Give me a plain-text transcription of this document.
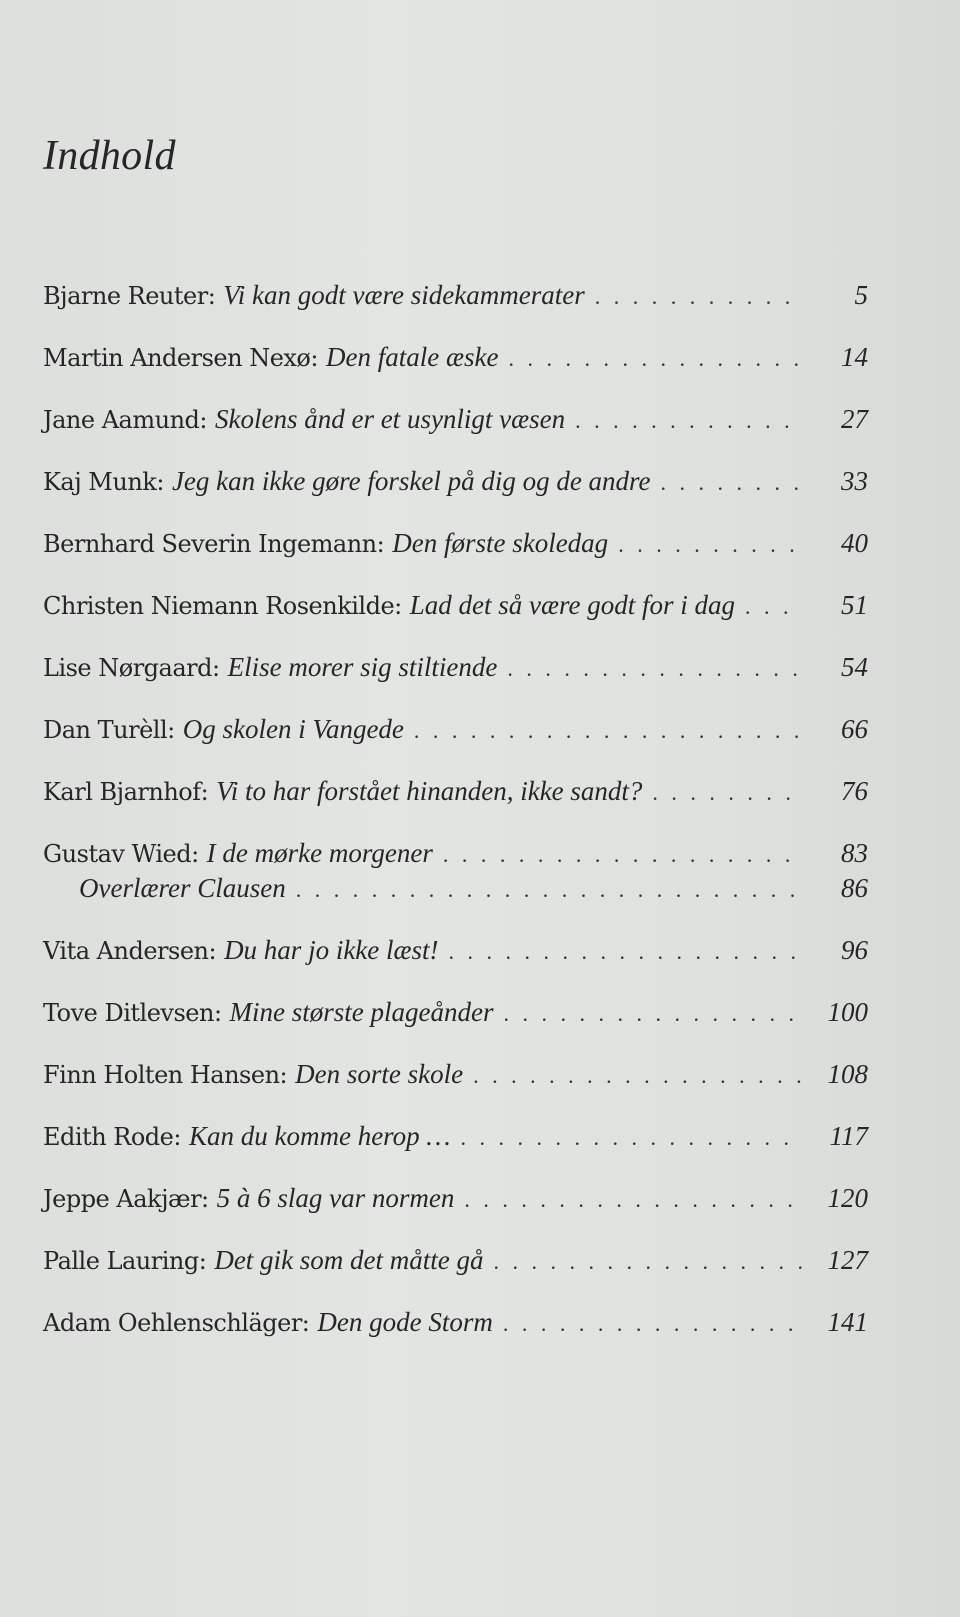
Indhold
Bjarne Reuter: Vi kan godt være sidekammerater . . .	5
Martin Andersen Nexø: Den fatale æske . . .	14
Jane Aamund: Skolens ånd er et usynligt væsen . . .	27
Kaj Munk: Jeg kan ikke gøre forskel på dig og de andre . . .	33
Bernhard Severin Ingemann: Den første skoledag . . .	40
Christen Niemann Rosenkilde: Lad det så være godt for i dag . . .	51
Lise Nørgaard: Elise morer sig stiltiende . . .	54
Dan Turèll: Og skolen i Vangede . . .	66
Karl Bjarnhof: Vi to har forstået hinanden, ikke sandt? . . .	76
Gustav Wied: I de mørke morgener . . .	83
Overlærer Clausen . . .	86
Vita Andersen: Du har jo ikke læst! . . .	96
Tove Ditlevsen: Mine største plageånder . . .	100
Finn Holten Hansen: Den sorte skole . . .	108
Edith Rode: Kan du komme herop … . . .	117
Jeppe Aakjær: 5 à 6 slag var normen . . .	120
Palle Lauring: Det gik som det måtte gå . . .	127
Adam Oehlenschläger: Den gode Storm . . .	141
